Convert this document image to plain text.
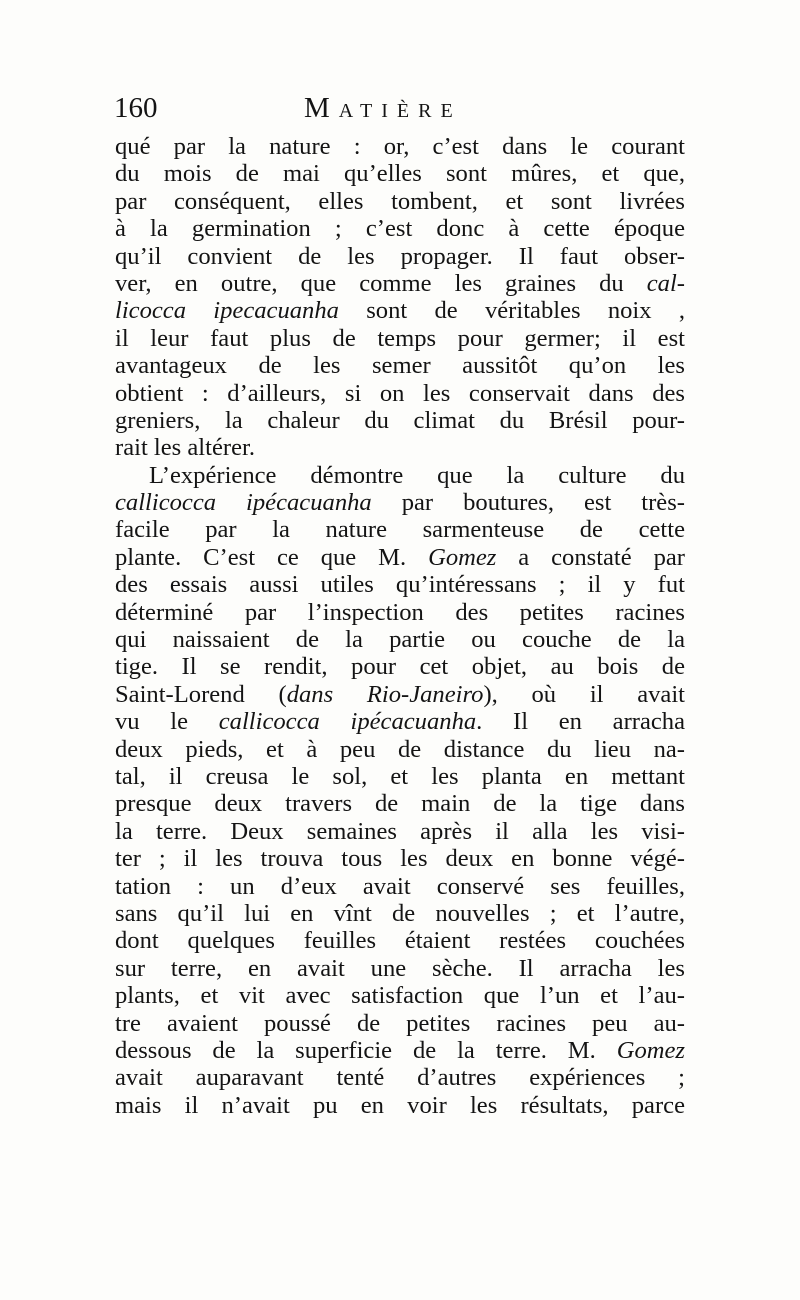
160	Matière
qué par la nature : or, c’est dans le courant
du mois de mai qu’elles sont mûres, et que,
par conséquent, elles tombent, et sont livrées
à la germination ; c’est donc à cette époque
qu’il convient de les propager. Il faut obser-
ver, en outre, que comme les graines du cal-
licocca ipecacuanha sont de véritables noix ,
il leur faut plus de temps pour germer; il est
avantageux de les semer aussitôt qu’on les
obtient : d’ailleurs, si on les conservait dans des
greniers, la chaleur du climat du Brésil pour-
rait les altérer.
L’expérience démontre que la culture du
callicocca ipécacuanha par boutures, est très-
facile par la nature sarmenteuse de cette
plante. C’est ce que M. Gomez a constaté par
des essais aussi utiles qu’intéressans ; il y fut
déterminé par l’inspection des petites racines
qui naissaient de la partie ou couche de la
tige. Il se rendit, pour cet objet, au bois de
Saint-Lorend (dans Rio-Janeiro), où il avait
vu le callicocca ipécacuanha. Il en arracha
deux pieds, et à peu de distance du lieu na-
tal, il creusa le sol, et les planta en mettant
presque deux travers de main de la tige dans
la terre. Deux semaines après il alla les visi-
ter ; il les trouva tous les deux en bonne végé-
tation : un d’eux avait conservé ses feuilles,
sans qu’il lui en vînt de nouvelles ; et l’autre,
dont quelques feuilles étaient restées couchées
sur terre, en avait une sèche. Il arracha les
plants, et vit avec satisfaction que l’un et l’au-
tre avaient poussé de petites racines peu au-
dessous de la superficie de la terre. M. Gomez
avait auparavant tenté d’autres expériences ;
mais il n’avait pu en voir les résultats, parce
